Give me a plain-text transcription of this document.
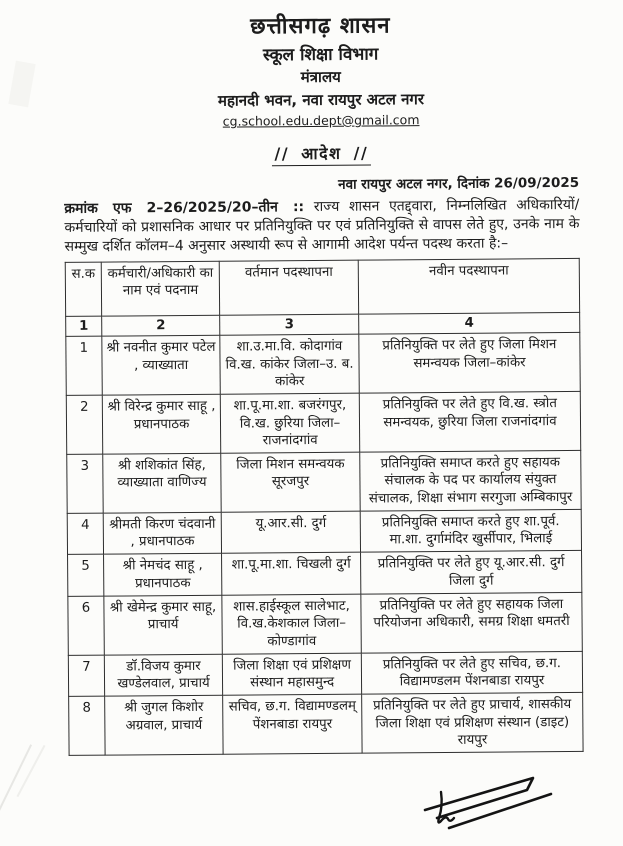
छत्तीसगढ़ शासन
स्कूल शिक्षा विभाग
मंत्रालय
महानदी भवन, नवा रायपुर अटल नगर
cg.school.edu.dept@gmail.com
// आदेश //
नवा रायपुर अटल नगर, दिनांक 26/09/2025

क्रमांक एफ 2–26/2025/20–तीन :: राज्य शासन एतद्द्वारा, निम्नलिखित अधिकारियों/कर्मचारियों को प्रशासनिक आधार पर प्रतिनियुक्ति पर एवं प्रतिनियुक्ति से वापस लेते हुए, उनके नाम के सम्मुख दर्शित कॉलम–4 अनुसार अस्थायी रूप से आगामी आदेश पर्यन्त पदस्थ करता है:–

स.क	कर्मचारी/अधिकारी का नाम एवं पदनाम	वर्तमान पदस्थापना	नवीन पदस्थापना
1	2	3	4
1	श्री नवनीत कुमार पटेल , व्याख्याता	शा.उ.मा.वि. कोदागांव वि.ख. कांकेर जिला–उ. ब. कांकेर	प्रतिनियुक्ति पर लेते हुए जिला मिशन समन्वयक जिला–कांकेर
2	श्री विरेन्द्र कुमार साहू , प्रधानपाठक	शा.पू.मा.शा. बजरंगपुर, वि.ख. छुरिया जिला–राजनांदगांव	प्रतिनियुक्ति पर लेते हुए वि.ख. स्त्रोत समन्वयक, छुरिया जिला राजनांदगांव
3	श्री शशिकांत सिंह, व्याख्याता वाणिज्य	जिला मिशन समन्वयक सूरजपुर	प्रतिनियुक्ति समाप्त करते हुए सहायक संचालक के पद पर कार्यालय संयुक्त संचालक, शिक्षा संभाग सरगुजा अम्बिकापुर
4	श्रीमती किरण चंदवानी , प्रधानपाठक	यू.आर.सी. दुर्ग	प्रतिनियुक्ति समाप्त करते हुए शा.पूर्व. मा.शा. दुर्गामंदिर खुर्सीपार, भिलाई
5	श्री नेमचंद साहू , प्रधानपाठक	शा.पू.मा.शा. चिखली दुर्ग	प्रतिनियुक्ति पर लेते हुए यू.आर.सी. दुर्ग जिला दुर्ग
6	श्री खेमेन्द्र कुमार साहू, प्राचार्य	शास.हाईस्कूल सालेभाट, वि.ख.केशकाल जिला–कोण्डागांव	प्रतिनियुक्ति पर लेते हुए सहायक जिला परियोजना अधिकारी, समग्र शिक्षा धमतरी
7	डॉ.विजय कुमार खण्डेलवाल, प्राचार्य	जिला शिक्षा एवं प्रशिक्षण संस्थान महासमुन्द	प्रतिनियुक्ति पर लेते हुए सचिव, छ.ग. विद्यामण्डलम पेंशनबाडा रायपुर
8	श्री जुगल किशोर अग्रवाल, प्राचार्य	सचिव, छ.ग. विद्यामण्डलम् पेंशनबाडा रायपुर	प्रतिनियुक्ति पर लेते हुए प्राचार्य, शासकीय जिला शिक्षा एवं प्रशिक्षण संस्थान (डाइट) रायपुर
